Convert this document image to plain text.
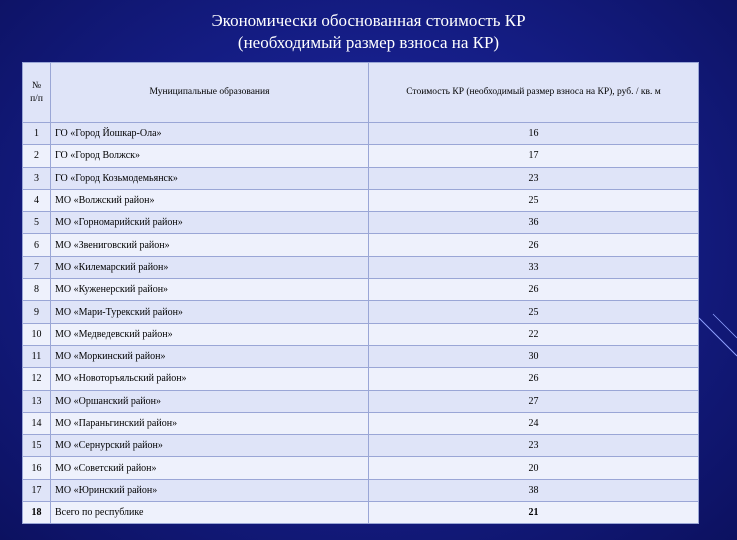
Экономически обоснованная стоимость КР
(необходимый размер взноса на КР)
№ п/п	Муниципальные образования	Стоимость КР (необходимый размер взноса на КР), руб. / кв. м
1	ГО «Город Йошкар-Ола»	16
2	ГО «Город Волжск»	17
3	ГО «Город Козьмодемьянск»	23
4	МО «Волжский район»	25
5	МО «Горномарийский район»	36
6	МО «Звениговский район»	26
7	МО «Килемарский район»	33
8	МО «Куженерский район»	26
9	МО «Мари-Турекский район»	25
10	МО «Медведевский район»	22
11	МО «Моркинский район»	30
12	МО «Новоторъяльский район»	26
13	МО «Оршанский район»	27
14	МО «Параньгинский район»	24
15	МО «Сернурский район»	23
16	МО «Советский район»	20
17	МО «Юринский район»	38
18	Всего по республике	21
